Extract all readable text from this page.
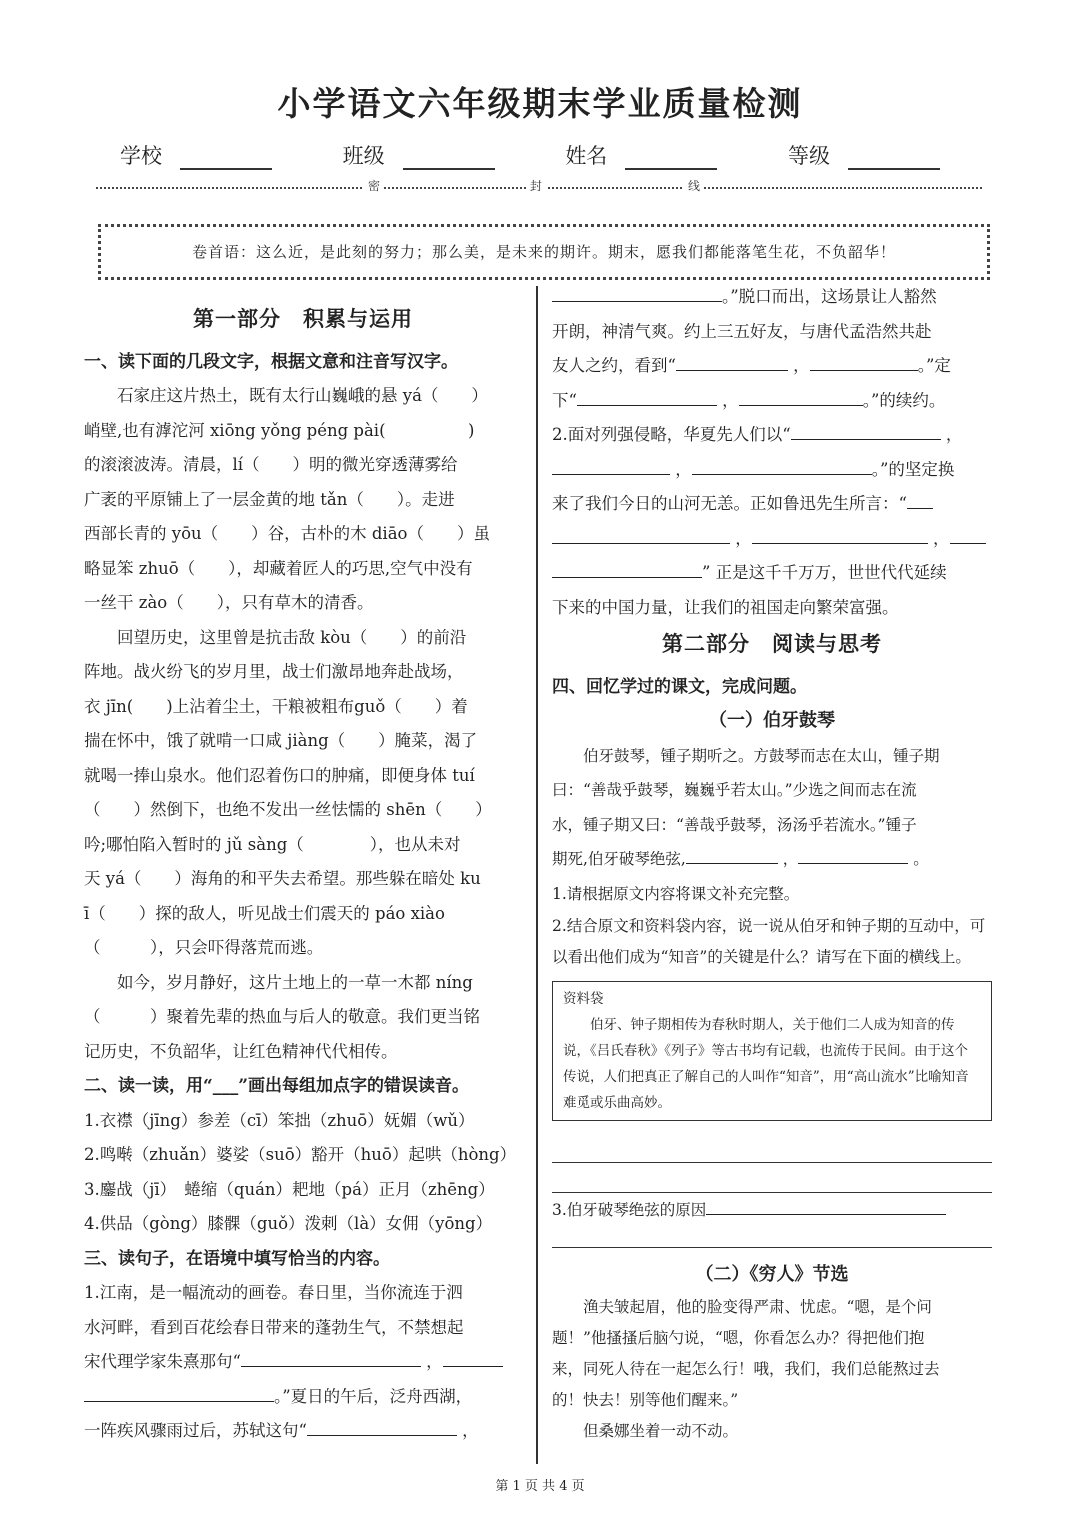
小学语文六年级期末学业质量检测
学校	班级	姓名	等级
密	封	线
卷首语：这么近，是此刻的努力；那么美，是未来的期许。期末，愿我们都能落笔生花，不负韶华！
第一部分　积累与运用
一、读下面的几段文字，根据文意和注音写汉字。
石家庄这片热土，既有太行山巍峨的悬 yá（　　）
峭壁,也有滹沱河 xiōng yǒng péng pài(　　　　　)
的滚滚波涛。清晨，lí（　　）明的微光穿透薄雾给
广袤的平原铺上了一层金黄的地 tǎn（　　）。走进
西部长青的 yōu（　　）谷，古朴的木 diāo（　　）虽
略显笨 zhuō（　　），却藏着匠人的巧思,空气中没有
一丝干 zào（　　），只有草木的清香。
回望历史，这里曾是抗击敌 kòu（　　）的前沿
阵地。战火纷飞的岁月里，战士们激昂地奔赴战场，
衣 jīn(　　)上沾着尘土，干粮被粗布guǒ（　　）着
揣在怀中，饿了就啃一口咸 jiàng（　　）腌菜，渴了
就喝一捧山泉水。他们忍着伤口的肿痛，即便身体 tuí
（　　）然倒下，也绝不发出一丝怯懦的 shēn（　　）
吟;哪怕陷入暂时的 jǔ sàng（　　　　），也从未对
天 yá（　　）海角的和平失去希望。那些躲在暗处 ku
ī（　　）探的敌人，听见战士们震天的 páo xiào
（　　　），只会吓得落荒而逃。
如今，岁月静好，这片土地上的一草一木都 níng
（　　　）聚着先辈的热血与后人的敬意。我们更当铭
记历史，不负韶华，让红色精神代代相传。
二、读一读，用“___”画出每组加点字的错误读音。
1.衣襟（jīng）参差（cī）笨拙（zhuō）妩媚（wǔ）
2.鸣啭（zhuǎn）婆娑（suō）豁开（huō）起哄（hòng）
3.鏖战（jī）　蜷缩（quán）耙地（pá）正月（zhēng）
4.供品（gòng）膝髁（guǒ）泼刺（là）女佣（yōng）
三、读句子，在语境中填写恰当的内容。
1.江南，是一幅流动的画卷。春日里，当你流连于泗
水河畔，看到百花绘春日带来的蓬勃生气，不禁想起
宋代理学家朱熹那句“	，
。”夏日的午后，泛舟西湖，
一阵疾风骤雨过后，苏轼这句“	，
。”脱口而出，这场景让人豁然
开朗，神清气爽。约上三五好友，与唐代孟浩然共赴
友人之约，看到“	，	。”定
下“	，	。”的续约。
2.面对列强侵略，华夏先人们以“	，
，	。”的坚定换
来了我们今日的山河无恙。正如鲁迅先生所言：“
，	，
” 正是这千千万万，世世代代延续
下来的中国力量，让我们的祖国走向繁荣富强。
第二部分　阅读与思考
四、回忆学过的课文，完成问题。
（一）伯牙鼓琴
伯牙鼓琴，锺子期听之。方鼓琴而志在太山，锺子期
曰：“善哉乎鼓琴，巍巍乎若太山。”少选之间而志在流
水，锺子期又曰：“善哉乎鼓琴，汤汤乎若流水。”锺子
期死,伯牙破琴绝弦,	，	。
1.请根据原文内容将课文补充完整。
2.结合原文和资料袋内容，说一说从伯牙和钟子期的互动中，可以看出他们成为“知音”的关键是什么？请写在下面的横线上。
资料袋
伯牙、钟子期相传为春秋时期人，关于他们二人成为知音的传说，《吕氏春秋》《列子》等古书均有记载，也流传于民间。由于这个传说，人们把真正了解自己的人叫作“知音”，用“高山流水”比喻知音难觅或乐曲高妙。
3.伯牙破琴绝弦的原因
（二）《穷人》节选
渔夫皱起眉，他的脸变得严肃、忧虑。“嗯，是个问
题！”他搔搔后脑勺说，“嗯，你看怎么办？得把他们抱
来，同死人待在一起怎么行！哦，我们，我们总能熬过去
的！快去！别等他们醒来。”
但桑娜坐着一动不动。
第 1 页 共 4 页
